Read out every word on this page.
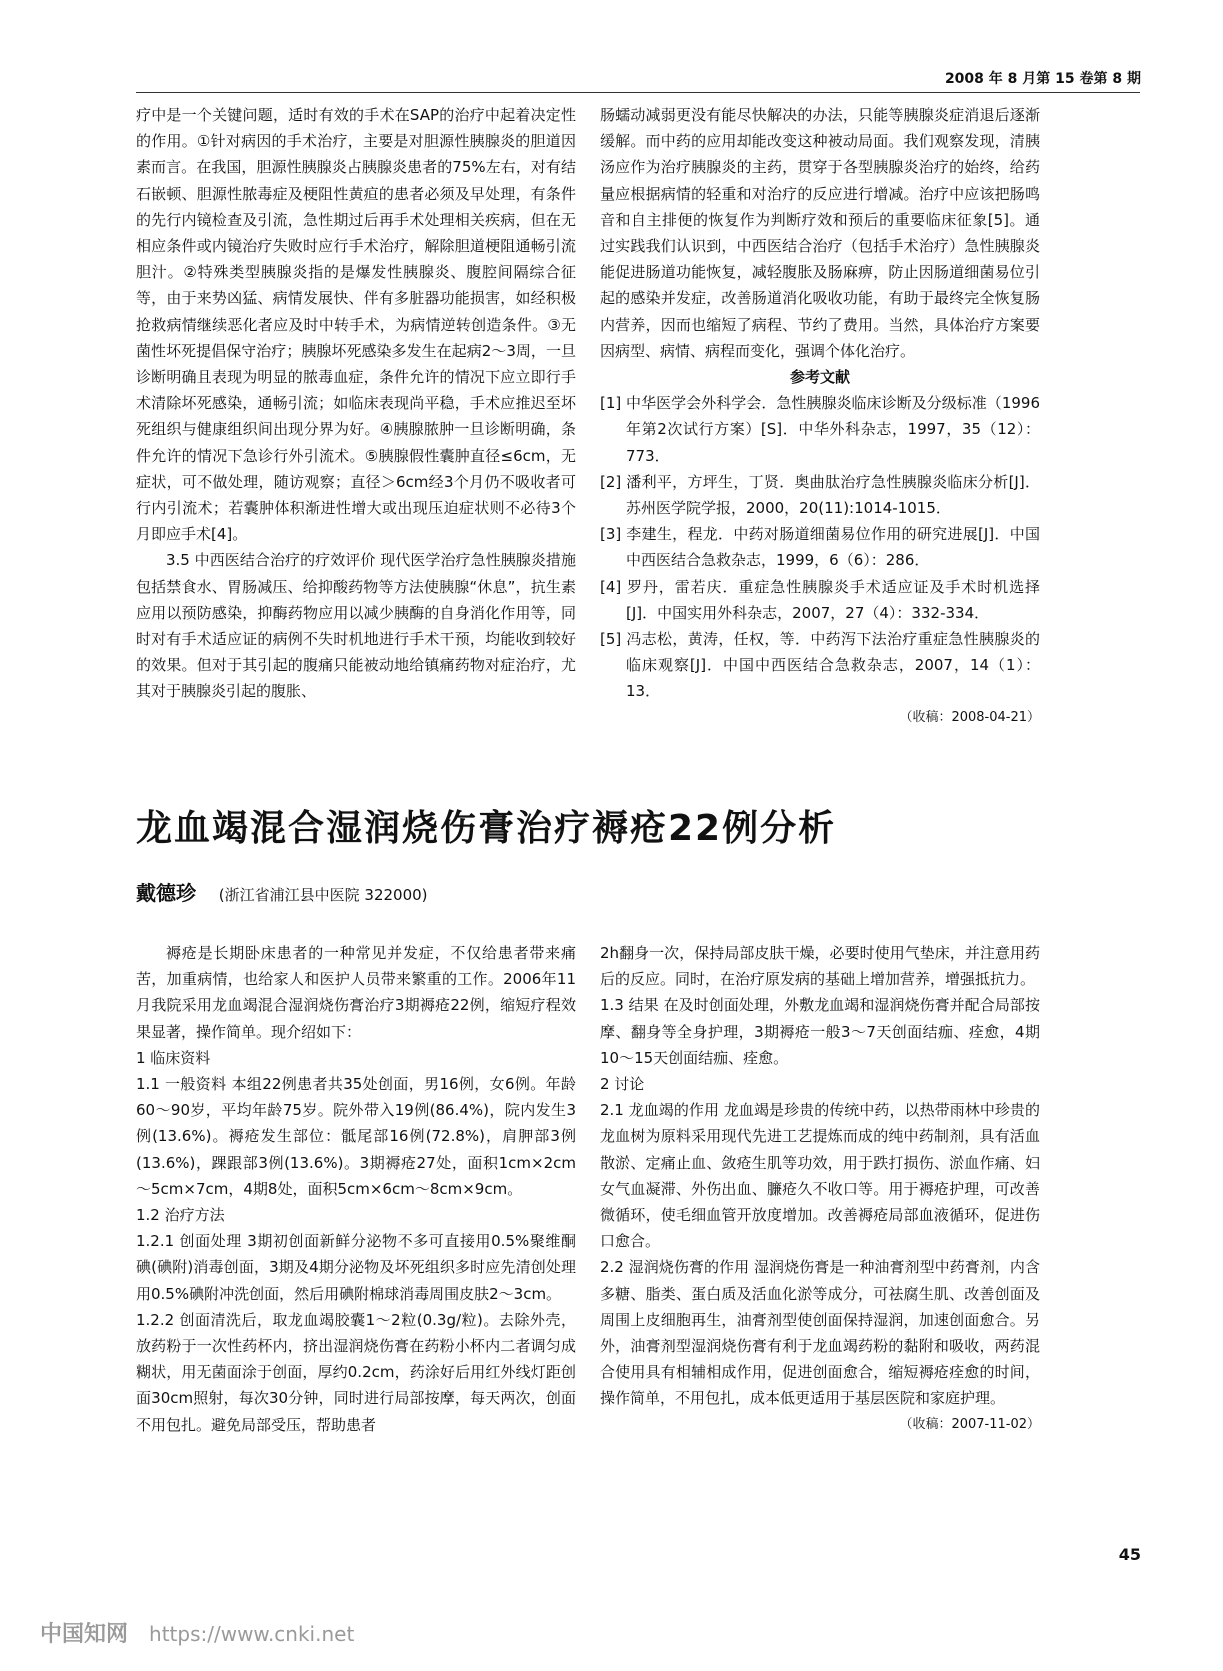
2008 年 8 月第 15 卷第 8 期

疗中是一个关键问题，适时有效的手术在SAP的治疗中起着决定性的作用。①针对病因的手术治疗，主要是对胆源性胰腺炎的胆道因素而言。在我国，胆源性胰腺炎占胰腺炎患者的75%左右，对有结石嵌顿、胆源性脓毒症及梗阻性黄疸的患者必须及早处理，有条件的先行内镜检查及引流，急性期过后再手术处理相关疾病，但在无相应条件或内镜治疗失败时应行手术治疗，解除胆道梗阻通畅引流胆汁。②特殊类型胰腺炎指的是爆发性胰腺炎、腹腔间隔综合征等，由于来势凶猛、病情发展快、伴有多脏器功能损害，如经积极抢救病情继续恶化者应及时中转手术，为病情逆转创造条件。③无菌性坏死提倡保守治疗；胰腺坏死感染多发生在起病2～3周，一旦诊断明确且表现为明显的脓毒血症，条件允许的情况下应立即行手术清除坏死感染，通畅引流；如临床表现尚平稳，手术应推迟至坏死组织与健康组织间出现分界为好。④胰腺脓肿一旦诊断明确，条件允许的情况下急诊行外引流术。⑤胰腺假性囊肿直径≤6cm，无症状，可不做处理，随访观察；直径＞6cm经3个月仍不吸收者可行内引流术；若囊肿体积渐进性增大或出现压迫症状则不必待3个月即应手术[4]。

3.5 中西医结合治疗的疗效评价 现代医学治疗急性胰腺炎措施包括禁食水、胃肠减压、给抑酸药物等方法使胰腺“休息”，抗生素应用以预防感染，抑酶药物应用以减少胰酶的自身消化作用等，同时对有手术适应证的病例不失时机地进行手术干预，均能收到较好的效果。但对于其引起的腹痛只能被动地给镇痛药物对症治疗，尤其对于胰腺炎引起的腹胀、

肠蠕动减弱更没有能尽快解决的办法，只能等胰腺炎症消退后逐渐缓解。而中药的应用却能改变这种被动局面。我们观察发现，清胰汤应作为治疗胰腺炎的主药，贯穿于各型胰腺炎治疗的始终，给药量应根据病情的轻重和对治疗的反应进行增减。治疗中应该把肠鸣音和自主排便的恢复作为判断疗效和预后的重要临床征象[5]。通过实践我们认识到，中西医结合治疗（包括手术治疗）急性胰腺炎能促进肠道功能恢复，减轻腹胀及肠麻痹，防止因肠道细菌易位引起的感染并发症，改善肠道消化吸收功能，有助于最终完全恢复肠内营养，因而也缩短了病程、节约了费用。当然，具体治疗方案要因病型、病情、病程而变化，强调个体化治疗。

参考文献

[1] 中华医学会外科学会．急性胰腺炎临床诊断及分级标准（1996年第2次试行方案）[S]．中华外科杂志，1997，35（12）：773．

[2] 潘利平，方坪生，丁贤．奥曲肽治疗急性胰腺炎临床分析[J]．苏州医学院学报，2000，20(11):1014-1015．

[3] 李建生，程龙．中药对肠道细菌易位作用的研究进展[J]．中国中西医结合急救杂志，1999，6（6）：286．

[4] 罗丹，雷若庆．重症急性胰腺炎手术适应证及手术时机选择[J]．中国实用外科杂志，2007，27（4）：332-334．

[5] 冯志松，黄涛，任权，等．中药泻下法治疗重症急性胰腺炎的临床观察[J]．中国中西医结合急救杂志，2007，14（1）：13．

（收稿：2008-04-21）

龙血竭混合湿润烧伤膏治疗褥疮22例分析
戴德珍 (浙江省浦江县中医院 322000)

褥疮是长期卧床患者的一种常见并发症，不仅给患者带来痛苦，加重病情，也给家人和医护人员带来繁重的工作。2006年11月我院采用龙血竭混合湿润烧伤膏治疗3期褥疮22例，缩短疗程效果显著，操作简单。现介绍如下：

1 临床资料

1.1 一般资料 本组22例患者共35处创面，男16例，女6例。年龄60～90岁，平均年龄75岁。院外带入19例(86.4%)，院内发生3例(13.6%)。褥疮发生部位：骶尾部16例(72.8%)，肩胛部3例(13.6%)，踝跟部3例(13.6%)。3期褥疮27处，面积1cm×2cm～5cm×7cm，4期8处，面积5cm×6cm～8cm×9cm。

1.2 治疗方法

1.2.1 创面处理 3期初创面新鲜分泌物不多可直接用0.5%聚维酮碘(碘附)消毒创面，3期及4期分泌物及坏死组织多时应先清创处理用0.5%碘附冲洗创面，然后用碘附棉球消毒周围皮肤2～3cm。

1.2.2 创面清洗后，取龙血竭胶囊1～2粒(0.3g/粒)。去除外壳，放药粉于一次性药杯内，挤出湿润烧伤膏在药粉小杯内二者调匀成糊状，用无菌面涂于创面，厚约0.2cm，药涂好后用红外线灯距创面30cm照射，每次30分钟，同时进行局部按摩，每天两次，创面不用包扎。避免局部受压，帮助患者

2h翻身一次，保持局部皮肤干燥，必要时使用气垫床，并注意用药后的反应。同时，在治疗原发病的基础上增加营养，增强抵抗力。

1.3 结果 在及时创面处理，外敷龙血竭和湿润烧伤膏并配合局部按摩、翻身等全身护理，3期褥疮一般3～7天创面结痂、痊愈，4期10～15天创面结痂、痊愈。

2 讨论

2.1 龙血竭的作用 龙血竭是珍贵的传统中药，以热带雨林中珍贵的龙血树为原料采用现代先进工艺提炼而成的纯中药制剂，具有活血散淤、定痛止血、敛疮生肌等功效，用于跌打损伤、淤血作痛、妇女气血凝滞、外伤出血、臁疮久不收口等。用于褥疮护理，可改善微循环，使毛细血管开放度增加。改善褥疮局部血液循环，促进伤口愈合。

2.2 湿润烧伤膏的作用 湿润烧伤膏是一种油膏剂型中药膏剂，内含多糖、脂类、蛋白质及活血化淤等成分，可祛腐生肌、改善创面及周围上皮细胞再生，油膏剂型使创面保持湿润，加速创面愈合。另外，油膏剂型湿润烧伤膏有利于龙血竭药粉的黏附和吸收，两药混合使用具有相辅相成作用，促进创面愈合，缩短褥疮痊愈的时间，操作简单，不用包扎，成本低更适用于基层医院和家庭护理。

（收稿：2007-11-02）

45
中国知网 https://www.cnki.net
